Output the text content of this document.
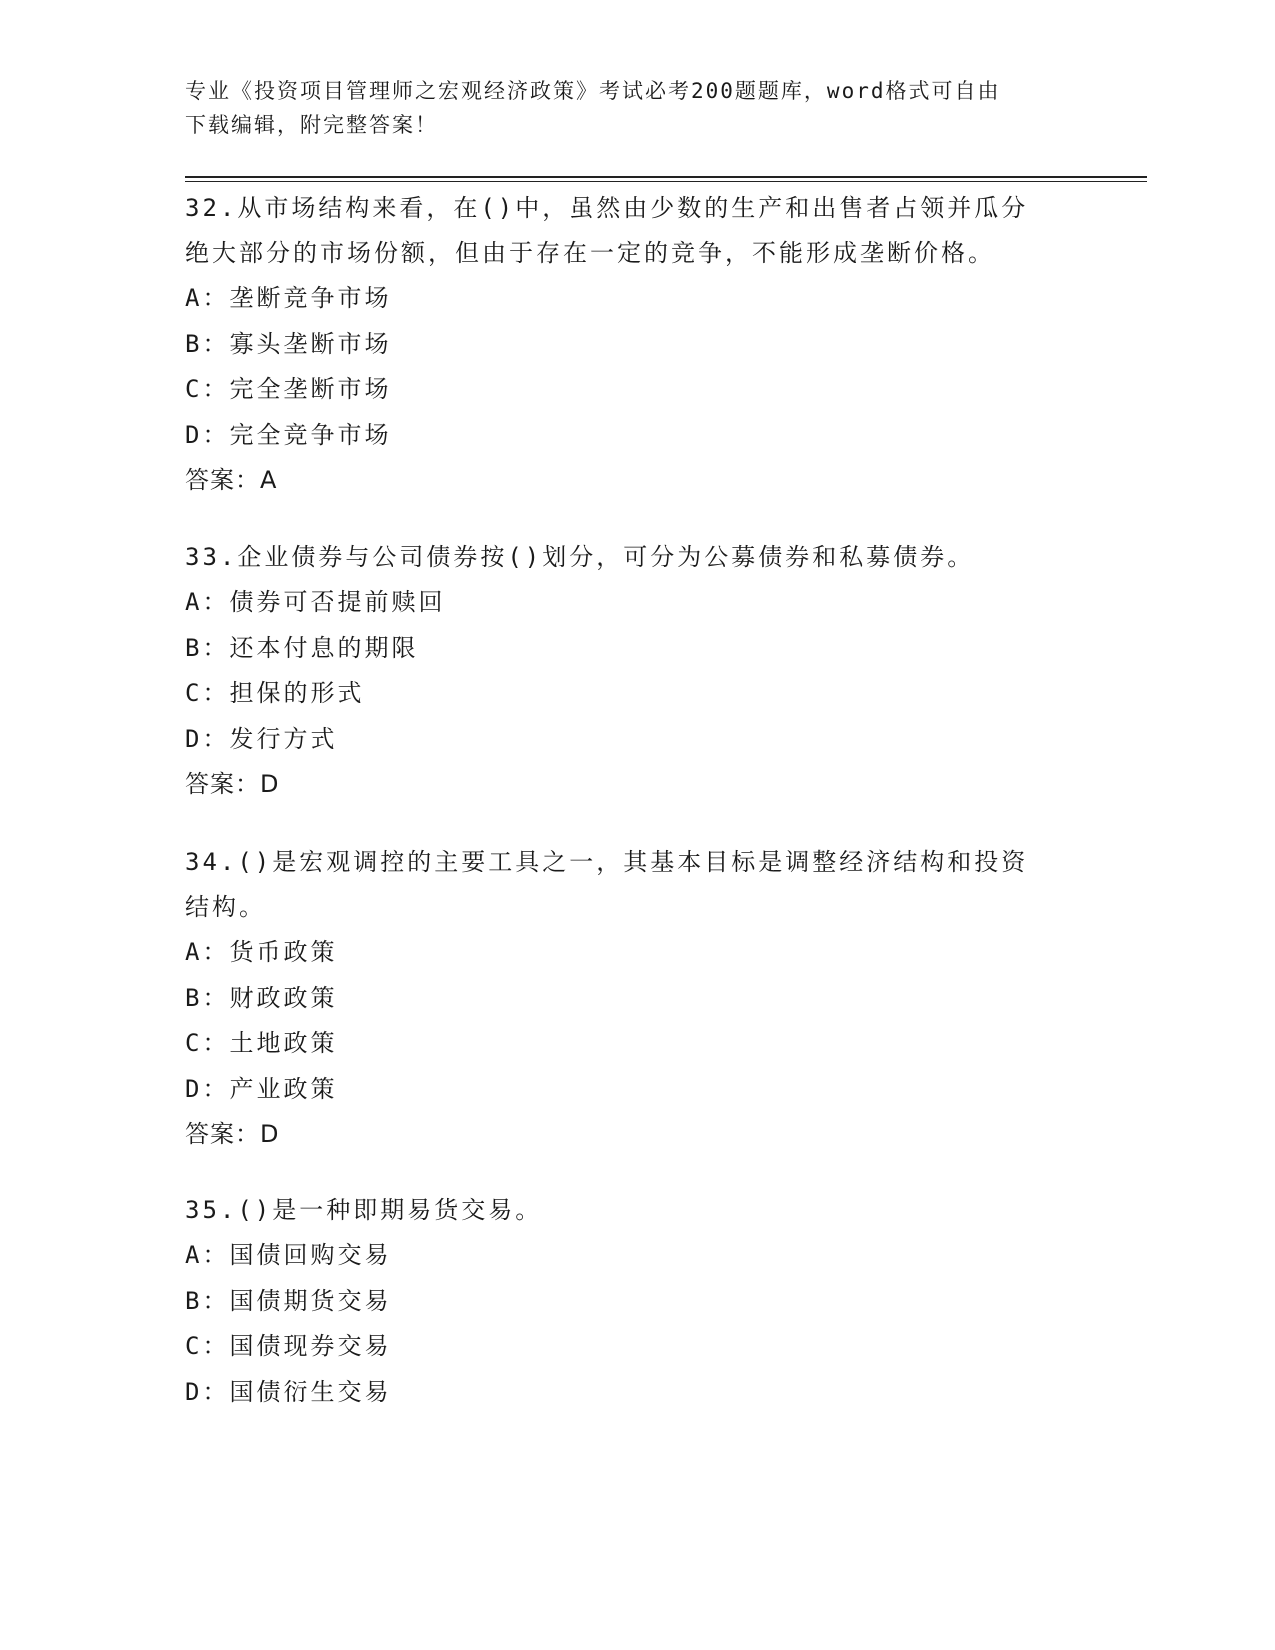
专业《投资项目管理师之宏观经济政策》考试必考200题题库，word格式可自由
下载编辑，附完整答案！

32.从市场结构来看，在()中，虽然由少数的生产和出售者占领并瓜分

绝大部分的市场份额，但由于存在一定的竞争，不能形成垄断价格。

A：垄断竞争市场

B：寡头垄断市场

C：完全垄断市场

D：完全竞争市场

答案：A

33.企业债券与公司债券按()划分，可分为公募债券和私募债券。

A：债券可否提前赎回

B：还本付息的期限

C：担保的形式

D：发行方式

答案：D

34.()是宏观调控的主要工具之一，其基本目标是调整经济结构和投资

结构。

A：货币政策

B：财政政策

C：土地政策

D：产业政策

答案：D

35.()是一种即期易货交易。

A：国债回购交易

B：国债期货交易

C：国债现券交易

D：国债衍生交易
